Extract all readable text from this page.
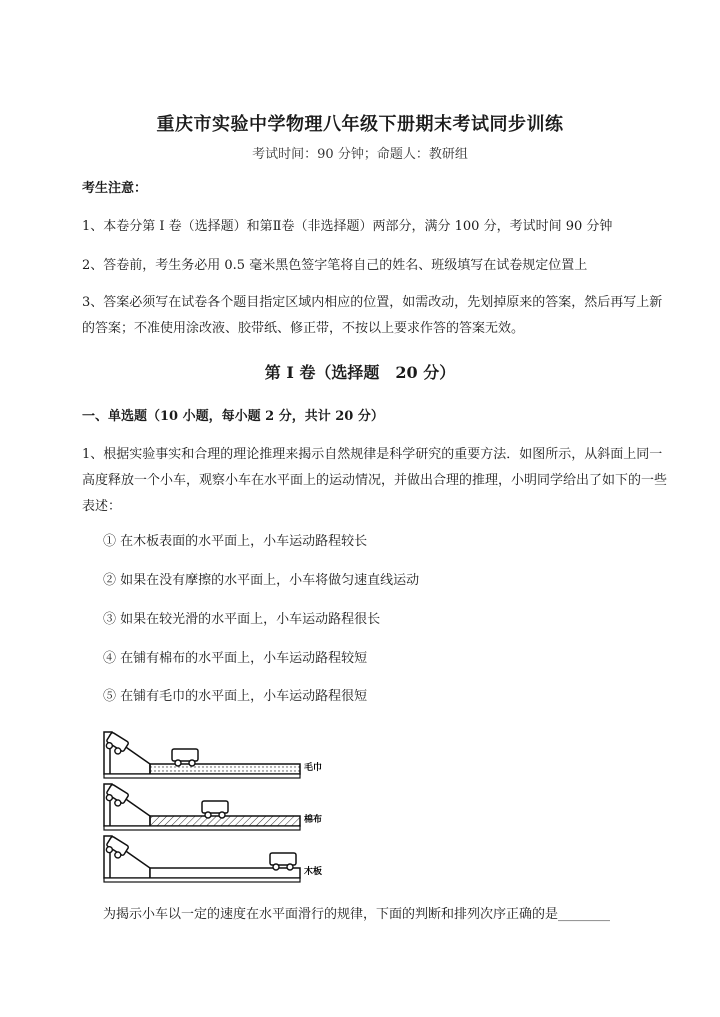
重庆市实验中学物理八年级下册期末考试同步训练
考试时间：90 分钟；命题人：教研组
考生注意：
1、本卷分第 I 卷（选择题）和第Ⅱ卷（非选择题）两部分，满分 100 分，考试时间 90 分钟
2、答卷前，考生务必用 0.5 毫米黑色签字笔将自己的姓名、班级填写在试卷规定位置上
3、答案必须写在试卷各个题目指定区域内相应的位置，如需改动，先划掉原来的答案，然后再写上新的答案；不准使用涂改液、胶带纸、修正带，不按以上要求作答的答案无效。
第 I 卷（选择题　20 分）
一、单选题（10 小题，每小题 2 分，共计 20 分）
1、根据实验事实和合理的理论推理来揭示自然规律是科学研究的重要方法．如图所示，从斜面上同一高度释放一个小车，观察小车在水平面上的运动情况，并做出合理的推理，小明同学给出了如下的一些表述：
① 在木板表面的水平面上，小车运动路程较长
② 如果在没有摩擦的水平面上，小车将做匀速直线运动
③ 如果在较光滑的水平面上，小车运动路程很长
④ 在铺有棉布的水平面上，小车运动路程较短
⑤ 在铺有毛巾的水平面上，小车运动路程很短
毛巾
棉布
木板
为揭示小车以一定的速度在水平面滑行的规律，下面的判断和排列次序正确的是________
